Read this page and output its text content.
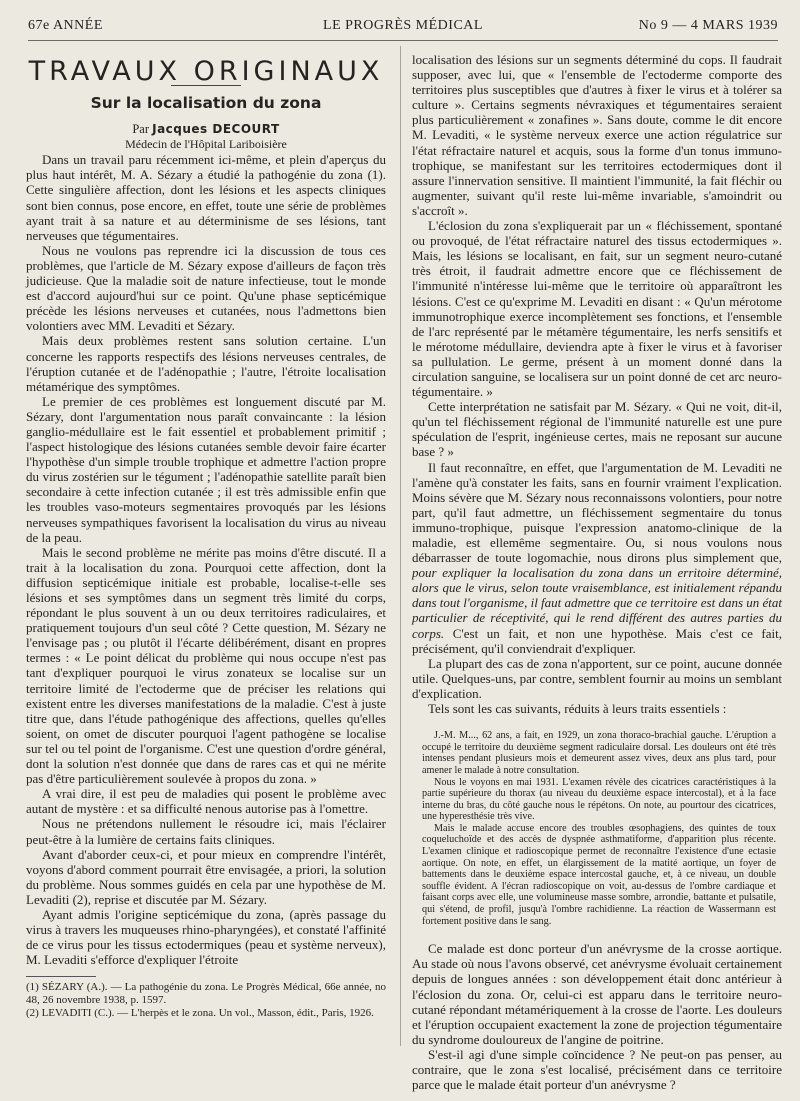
67e ANNÉE	LE PROGRÈS MÉDICAL	No 9 — 4 MARS 1939
TRAVAUX ORIGINAUX
Sur la localisation du zona

Par Jacques DECOURT

Médecin de l'Hôpital Lariboisière

Dans un travail paru récemment ici-même, et plein d'aperçus du plus haut intérêt, M. A. Sézary a étudié la pathogénie du zona (1). Cette singulière affection, dont les lésions et les aspects cliniques sont bien connus, pose encore, en effet, toute une série de problèmes ayant trait à sa nature et au déterminisme de ses lésions, tant nerveuses que tégumentaires.

Nous ne voulons pas reprendre ici la discussion de tous ces problèmes, que l'article de M. Sézary expose d'ailleurs de façon très judicieuse. Que la maladie soit de nature infectieuse, tout le monde est d'accord aujourd'hui sur ce point. Qu'une phase septicémique précède les lésions nerveuses et cutanées, nous l'admettons bien volontiers avec MM. Levaditi et Sézary.

Mais deux problèmes restent sans solution certaine. L'un concerne les rapports respectifs des lésions nerveuses centrales, de l'éruption cutanée et de l'adénopathie ; l'autre, l'étroite localisation métamérique des symptômes.

Le premier de ces problèmes est longuement discuté par M. Sézary, dont l'argumentation nous paraît convaincante : la lésion ganglio-médullaire est le fait essentiel et probablement primitif ; l'aspect histologique des lésions cutanées semble devoir faire écarter l'hypothèse d'un simple trouble trophique et admettre l'action propre du virus zostérien sur le tégument ; l'adénopathie satellite paraît bien secondaire à cette infection cutanée ; il est très admissible enfin que les troubles vaso-moteurs segmentaires provoqués par les lésions nerveuses sympathiques favorisent la localisation du virus au niveau de la peau.

Mais le second problème ne mérite pas moins d'être discuté. Il a trait à la localisation du zona. Pourquoi cette affection, dont la diffusion septicémique initiale est probable, localise-t-elle ses lésions et ses symptômes dans un segment très limité du corps, répondant le plus souvent à un ou deux territoires radiculaires, et pratiquement toujours d'un seul côté ? Cette question, M. Sézary ne l'envisage pas ; ou plutôt il l'écarte délibérément, disant en propres termes : « Le point délicat du problème qui nous occupe n'est pas tant d'expliquer pourquoi le virus zonateux se localise sur un territoire limité de l'ectoderme que de préciser les relations qui existent entre les diverses manifestations de la maladie. C'est à juste titre que, dans l'étude pathogénique des affections, quelles qu'elles soient, on omet de discuter pourquoi l'agent pathogène se localise sur tel ou tel point de l'organisme. C'est une question d'ordre général, dont la solution n'est donnée que dans de rares cas et qui ne mérite pas d'être particulièrement soulevée à propos du zona. »

A vrai dire, il est peu de maladies qui posent le problème avec autant de mystère : et sa difficulté nenous autorise pas à l'omettre.

Nous ne prétendons nullement le résoudre ici, mais l'éclairer peut-être à la lumière de certains faits cliniques.

Avant d'aborder ceux-ci, et pour mieux en comprendre l'intérêt, voyons d'abord comment pourrait être envisagée, a priori, la solution du problème. Nous sommes guidés en cela par une hypothèse de M. Levaditi (2), reprise et discutée par M. Sézary.

Ayant admis l'origine septicémique du zona, (après passage du virus à travers les muqueuses rhino-pharyngées), et constaté l'affinité de ce virus pour les tissus ectodermiques (peau et système nerveux), M. Levaditi s'efforce d'expliquer l'étroite

(1) SÉZARY (A.). — La pathogénie du zona. Le Progrès Médical, 66e année, no 48, 26 novembre 1938, p. 1597.

(2) LEVADITI (C.). — L'herpès et le zona. Un vol., Masson, édit., Paris, 1926.

localisation des lésions sur un segments déterminé du cops. Il faudrait supposer, avec lui, que « l'ensemble de l'ectoderme comporte des territoires plus susceptibles que d'autres à fixer le virus et à tolérer sa culture ». Certains segments névraxiques et tégumentaires seraient plus particulièrement « zonafines ». Sans doute, comme le dit encore M. Levaditi, « le système nerveux exerce une action régulatrice sur l'état réfractaire naturel et acquis, sous la forme d'un tonus immuno-trophique, se manifestant sur les territoires ectodermiques dont il assure l'innervation sensitive. Il maintient l'immunité, la fait fléchir ou augmenter, suivant qu'il reste lui-même invariable, s'amoindrit ou s'accroît ».

L'éclosion du zona s'expliquerait par un « fléchissement, spontané ou provoqué, de l'état réfractaire naturel des tissus ectodermiques ». Mais, les lésions se localisant, en fait, sur un segment neuro-cutané très étroit, il faudrait admettre encore que ce fléchissement de l'immunité n'intéresse lui-même que le territoire où apparaîtront les lésions. C'est ce qu'exprime M. Levaditi en disant : « Qu'un mérotome immunotrophique exerce incomplètement ses fonctions, et l'ensemble de l'arc représenté par le métamère tégumentaire, les nerfs sensitifs et le mérotome médullaire, deviendra apte à fixer le virus et à favoriser sa pullulation. Le germe, présent à un moment donné dans la circulation sanguine, se localisera sur un point donné de cet arc neuro-tégumentaire. »

Cette interprétation ne satisfait par M. Sézary. « Qui ne voit, dit-il, qu'un tel fléchissement régional de l'immunité naturelle est une pure spéculation de l'esprit, ingénieuse certes, mais ne reposant sur aucune base ? »

Il faut reconnaître, en effet, que l'argumentation de M. Levaditi ne l'amène qu'à constater les faits, sans en fournir vraiment l'explication. Moins sévère que M. Sézary nous reconnaissons volontiers, pour notre part, qu'il faut admettre, un fléchissement segmentaire du tonus immuno-trophique, puisque l'expression anatomo-clinique de la maladie, est ellemême segmentaire. Ou, si nous voulons nous débarrasser de toute logomachie, nous dirons plus simplement que, pour expliquer la localisation du zona dans un erritoire déterminé, alors que le virus, selon toute vraisemblance, est initialement répandu dans tout l'organisme, il faut admettre que ce territoire est dans un état particulier de réceptivité, qui le rend différent des autres parties du corps. C'est un fait, et non une hypothèse. Mais c'est ce fait, précisément, qu'il conviendrait d'expliquer.

La plupart des cas de zona n'apportent, sur ce point, aucune donnée utile. Quelques-uns, par contre, semblent fournir au moins un semblant d'explication.

Tels sont les cas suivants, réduits à leurs traits essentiels :

J.-M. M..., 62 ans, a fait, en 1929, un zona thoraco-brachial gauche. L'éruption a occupé le territoire du deuxième segment radiculaire dorsal. Les douleurs ont été très intenses pendant plusieurs mois et demeurent assez vives, deux ans plus tard, pour amener le malade à notre consultation.

Nous le voyons en mai 1931. L'examen révèle des cicatrices caractéristiques à la partie supérieure du thorax (au niveau du deuxième espace intercostal), et à la face interne du bras, du côté gauche nous le répétons. On note, au pourtour des cicatrices, une hyperesthésie très vive.

Mais le malade accuse encore des troubles œsophagiens, des quintes de toux coqueluchoïde et des accès de dyspnée asthmatiforme, d'apparition plus récente. L'examen clinique et radioscopique permet de reconnaître l'existence d'une ectasie aortique. On note, en effet, un élargissement de la matité aortique, un foyer de battements dans le deuxième espace intercostal gauche, et, à ce niveau, un double souffle évident. A l'écran radioscopique on voit, au-dessus de l'ombre cardiaque et faisant corps avec elle, une volumineuse masse sombre, arrondie, battante et pulsatile, qui s'étend, de profil, jusqu'à l'ombre rachidienne. La réaction de Wassermann est fortement positive dans le sang.

Ce malade est donc porteur d'un anévrysme de la crosse aortique. Au stade où nous l'avons observé, cet anévrysme évoluait certainement depuis de longues années : son développement était donc antérieur à l'éclosion du zona. Or, celui-ci est apparu dans le territoire neuro-cutané répondant métamériquement à la crosse de l'aorte. Les douleurs et l'éruption occupaient exactement la zone de projection tégumentaire du syndrome douloureux de l'angine de poitrine.

S'est-il agi d'une simple coïncidence ? Ne peut-on pas penser, au contraire, que le zona s'est localisé, précisément dans ce territoire parce que le malade était porteur d'un anévrysme ?
